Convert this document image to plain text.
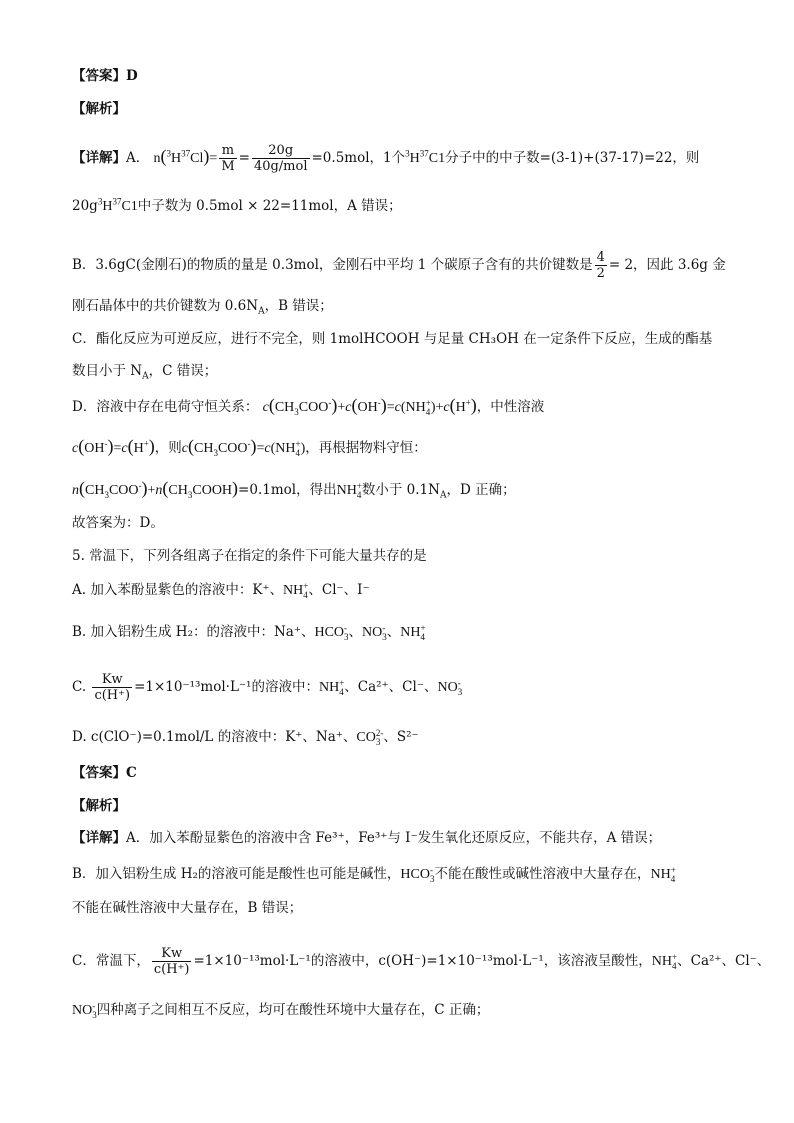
【答案】D
【解析】
【详解】A． $n(^3H^{37}Cl)= \frac{m}{M} = \frac{20g}{\text{40g/mol}} =0.5mol$，1个$^3H^{37}C1$分子中的中子数=(3-1)+(37-17)=22，则
$20g^3H^{37}C1$中子数为 0.5mol × 22=11mol，A 错误；
B．3.6gC(金刚石)的物质的量是 0.3mol，金刚石中平均 1 个碳原子含有的共价键数是 $\frac{4}{2} = 2$，因此 3.6g 金
刚石晶体中的共价键数为 $0.6N_A$，B 错误；
C．酯化反应为可逆反应，进行不完全，则 1molHCOOH 与足量 CH₃OH 在一定条件下反应，生成的酯基
数目小于 $N_A$，C 错误；
D．溶液中存在电荷守恒关系： $c(CH_3COO^-)+c(OH^-)=c(NH$ +
4 )+c(H+)，中性溶液
c(OH-)=c(H+)，则$c(CH_3COO^-)=c(NH$ +
4 )，再根据物料守恒：
$n(CH_3COO^-)+n(CH_3COOH)=0.1mol$，得出NH +
4 数小于 $0.1N_A$，D 正确；
故答案为：D。
5. 常温下，下列各组离子在指定的条件下可能大量共存的是
A. 加入苯酚显紫色的溶液中：K⁺、NH +
4 、Cl⁻、I⁻
B. 加入铝粉生成 H₂：的溶液中：Na⁺、HCO -
3 、NO -
3 、NH +
4
C. $\frac{Kw}{c(H^+)} =1\times 10^{-13}mol\cdot L^{-1}$的溶液中：NH +
4 、Ca²⁺、Cl⁻、NO -
3
D. c(ClO⁻)=0.1mol/L 的溶液中：K⁺、Na⁺、CO 2-
3 、S²⁻
【答案】C
【解析】
【详解】A．加入苯酚显紫色的溶液中含 Fe³⁺，Fe³⁺与 I⁻发生氧化还原反应，不能共存，A 错误；
B．加入铝粉生成 H₂的溶液可能是酸性也可能是碱性，HCO -
3 不能在酸性或碱性溶液中大量存在，NH +
4
不能在碱性溶液中大量存在，B 错误；
C．常温下， $\frac{Kw}{c(H^+)} =1\times 10^{-13}mol\cdot L^{-1}$的溶液中，c(OH⁻)=1×10⁻¹³mol·L⁻¹，该溶液呈酸性，NH +
4 、Ca²⁺、Cl⁻、
NO -
3 四种离子之间相互不反应，均可在酸性环境中大量存在，C 正确；
